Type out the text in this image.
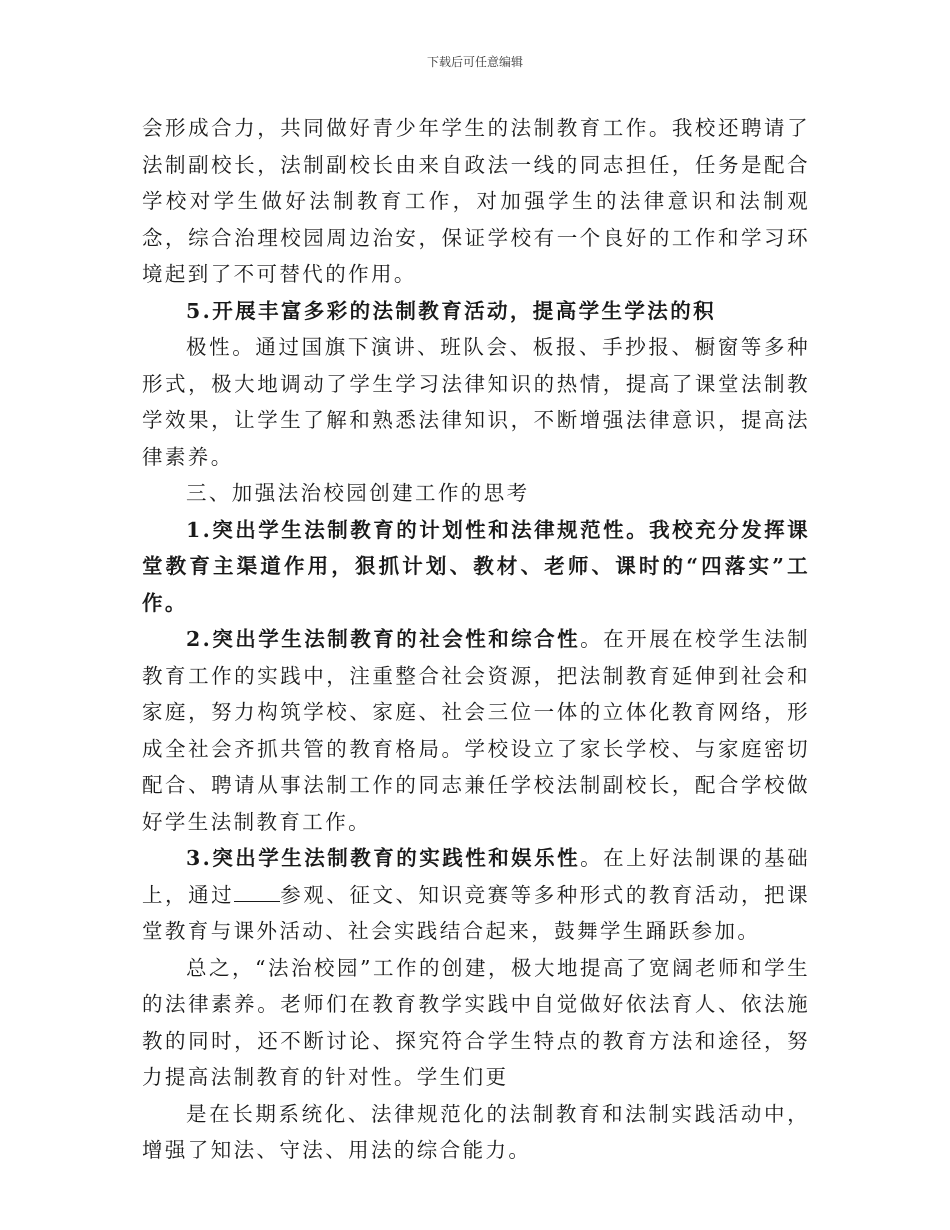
下载后可任意编辑

会形成合力，共同做好青少年学生的法制教育工作。我校还聘请了法制副校长，法制副校长由来自政法一线的同志担任，任务是配合学校对学生做好法制教育工作，对加强学生的法律意识和法制观念，综合治理校园周边治安，保证学校有一个良好的工作和学习环境起到了不可替代的作用。

5.开展丰富多彩的法制教育活动，提高学生学法的积

极性。通过国旗下演讲、班队会、板报、手抄报、橱窗等多种形式，极大地调动了学生学习法律知识的热情，提高了课堂法制教学效果，让学生了解和熟悉法律知识，不断增强法律意识，提高法律素养。

三、加强法治校园创建工作的思考

1.突出学生法制教育的计划性和法律规范性。我校充分发挥课堂教育主渠道作用，狠抓计划、教材、老师、课时的“四落实”工作。

2.突出学生法制教育的社会性和综合性。在开展在校学生法制教育工作的实践中，注重整合社会资源，把法制教育延伸到社会和家庭，努力构筑学校、家庭、社会三位一体的立体化教育网络，形成全社会齐抓共管的教育格局。学校设立了家长学校、与家庭密切配合、聘请从事法制工作的同志兼任学校法制副校长，配合学校做好学生法制教育工作。

3.突出学生法制教育的实践性和娱乐性。在上好法制课的基础上，通过 参观、征文、知识竞赛等多种形式的教育活动，把课堂教育与课外活动、社会实践结合起来，鼓舞学生踊跃参加。

总之，“法治校园”工作的创建，极大地提高了宽阔老师和学生的法律素养。老师们在教育教学实践中自觉做好依法育人、依法施教的同时，还不断讨论、探究符合学生特点的教育方法和途径，努力提高法制教育的针对性。学生们更

是在长期系统化、法律规范化的法制教育和法制实践活动中，增强了知法、守法、用法的综合能力。
